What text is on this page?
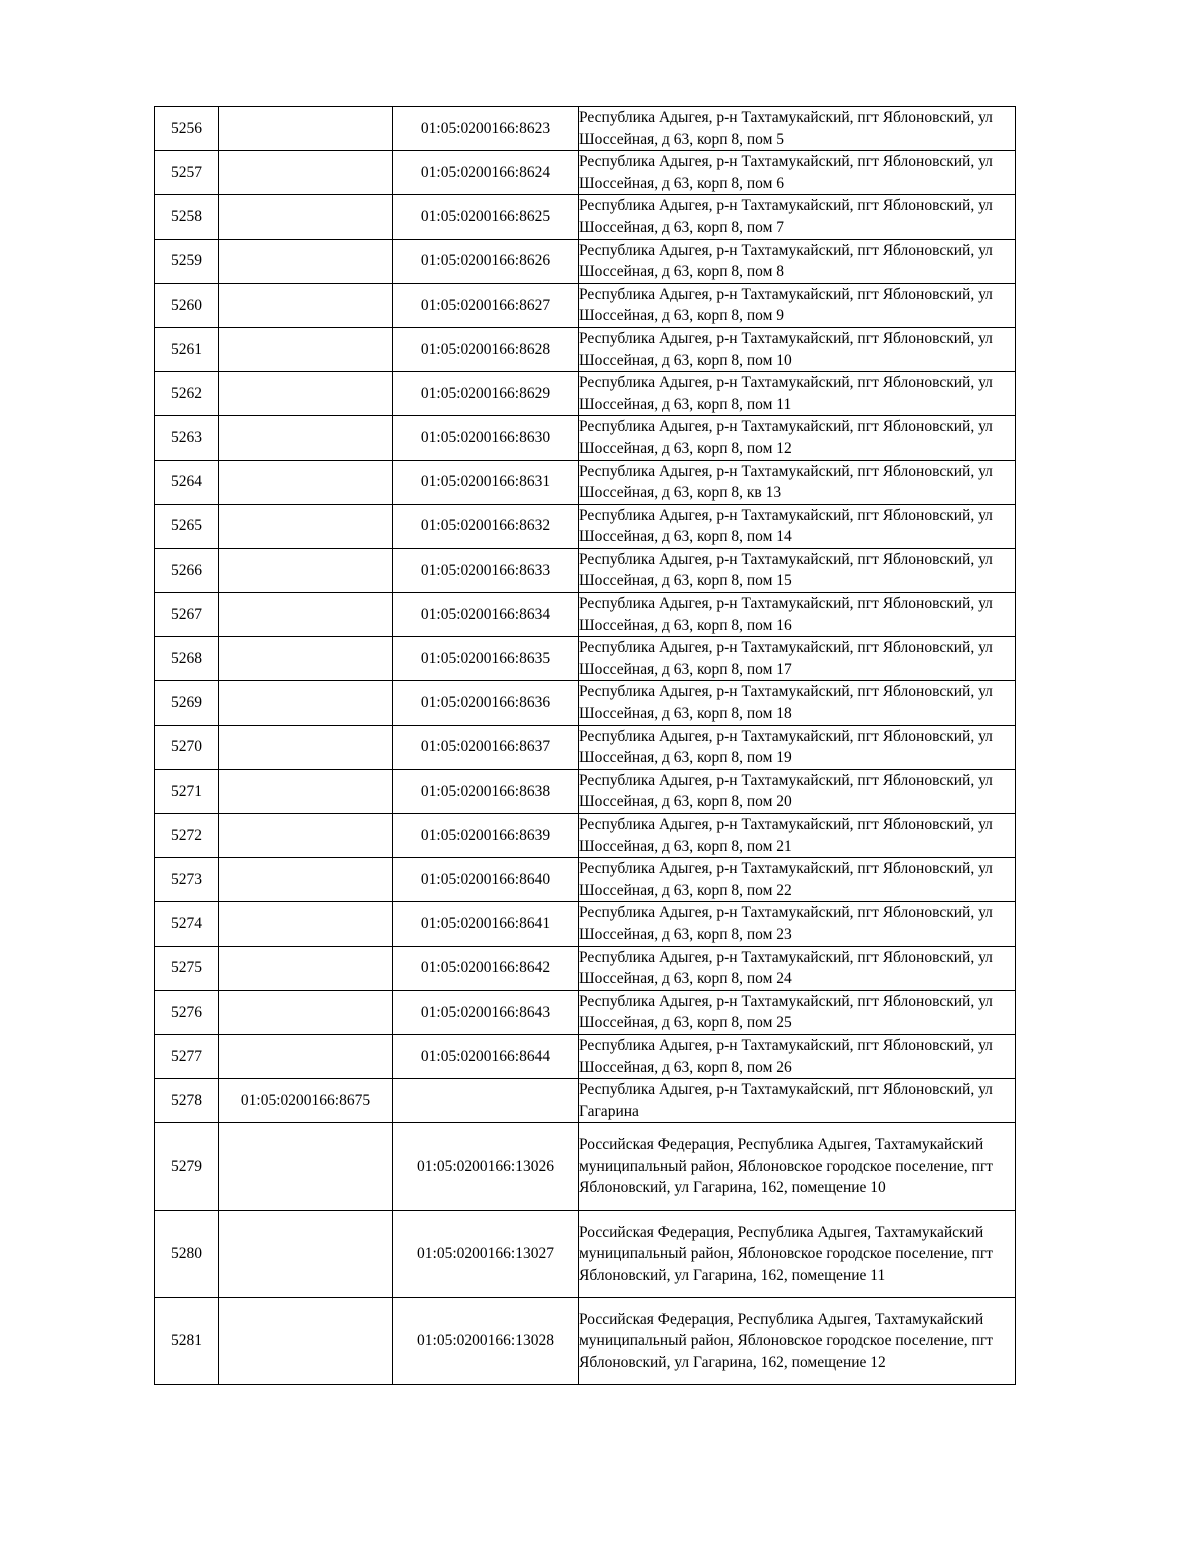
5256		01:05:0200166:8623	Республика Адыгея, р-н Тахтамукайский, пгт Яблоновский, ул Шоссейная, д 63, корп 8, пом 5
5257		01:05:0200166:8624	Республика Адыгея, р-н Тахтамукайский, пгт Яблоновский, ул Шоссейная, д 63, корп 8, пом 6
5258		01:05:0200166:8625	Республика Адыгея, р-н Тахтамукайский, пгт Яблоновский, ул Шоссейная, д 63, корп 8, пом 7
5259		01:05:0200166:8626	Республика Адыгея, р-н Тахтамукайский, пгт Яблоновский, ул Шоссейная, д 63, корп 8, пом 8
5260		01:05:0200166:8627	Республика Адыгея, р-н Тахтамукайский, пгт Яблоновский, ул Шоссейная, д 63, корп 8, пом 9
5261		01:05:0200166:8628	Республика Адыгея, р-н Тахтамукайский, пгт Яблоновский, ул Шоссейная, д 63, корп 8, пом 10
5262		01:05:0200166:8629	Республика Адыгея, р-н Тахтамукайский, пгт Яблоновский, ул Шоссейная, д 63, корп 8, пом 11
5263		01:05:0200166:8630	Республика Адыгея, р-н Тахтамукайский, пгт Яблоновский, ул Шоссейная, д 63, корп 8, пом 12
5264		01:05:0200166:8631	Республика Адыгея, р-н Тахтамукайский, пгт Яблоновский, ул Шоссейная, д 63, корп 8, кв 13
5265		01:05:0200166:8632	Республика Адыгея, р-н Тахтамукайский, пгт Яблоновский, ул Шоссейная, д 63, корп 8, пом 14
5266		01:05:0200166:8633	Республика Адыгея, р-н Тахтамукайский, пгт Яблоновский, ул Шоссейная, д 63, корп 8, пом 15
5267		01:05:0200166:8634	Республика Адыгея, р-н Тахтамукайский, пгт Яблоновский, ул Шоссейная, д 63, корп 8, пом 16
5268		01:05:0200166:8635	Республика Адыгея, р-н Тахтамукайский, пгт Яблоновский, ул Шоссейная, д 63, корп 8, пом 17
5269		01:05:0200166:8636	Республика Адыгея, р-н Тахтамукайский, пгт Яблоновский, ул Шоссейная, д 63, корп 8, пом 18
5270		01:05:0200166:8637	Республика Адыгея, р-н Тахтамукайский, пгт Яблоновский, ул Шоссейная, д 63, корп 8, пом 19
5271		01:05:0200166:8638	Республика Адыгея, р-н Тахтамукайский, пгт Яблоновский, ул Шоссейная, д 63, корп 8, пом 20
5272		01:05:0200166:8639	Республика Адыгея, р-н Тахтамукайский, пгт Яблоновский, ул Шоссейная, д 63, корп 8, пом 21
5273		01:05:0200166:8640	Республика Адыгея, р-н Тахтамукайский, пгт Яблоновский, ул Шоссейная, д 63, корп 8, пом 22
5274		01:05:0200166:8641	Республика Адыгея, р-н Тахтамукайский, пгт Яблоновский, ул Шоссейная, д 63, корп 8, пом 23
5275		01:05:0200166:8642	Республика Адыгея, р-н Тахтамукайский, пгт Яблоновский, ул Шоссейная, д 63, корп 8, пом 24
5276		01:05:0200166:8643	Республика Адыгея, р-н Тахтамукайский, пгт Яблоновский, ул Шоссейная, д 63, корп 8, пом 25
5277		01:05:0200166:8644	Республика Адыгея, р-н Тахтамукайский, пгт Яблоновский, ул Шоссейная, д 63, корп 8, пом 26
5278	01:05:0200166:8675		Республика Адыгея, р-н Тахтамукайский, пгт Яблоновский, ул Гагарина
5279		01:05:0200166:13026	Российская Федерация, Республика Адыгея, Тахтамукайский муниципальный район, Яблоновское городское поселение, пгт Яблоновский, ул Гагарина, 162, помещение 10
5280		01:05:0200166:13027	Российская Федерация, Республика Адыгея, Тахтамукайский муниципальный район, Яблоновское городское поселение, пгт Яблоновский, ул Гагарина, 162, помещение 11
5281		01:05:0200166:13028	Российская Федерация, Республика Адыгея, Тахтамукайский муниципальный район, Яблоновское городское поселение, пгт Яблоновский, ул Гагарина, 162, помещение 12
